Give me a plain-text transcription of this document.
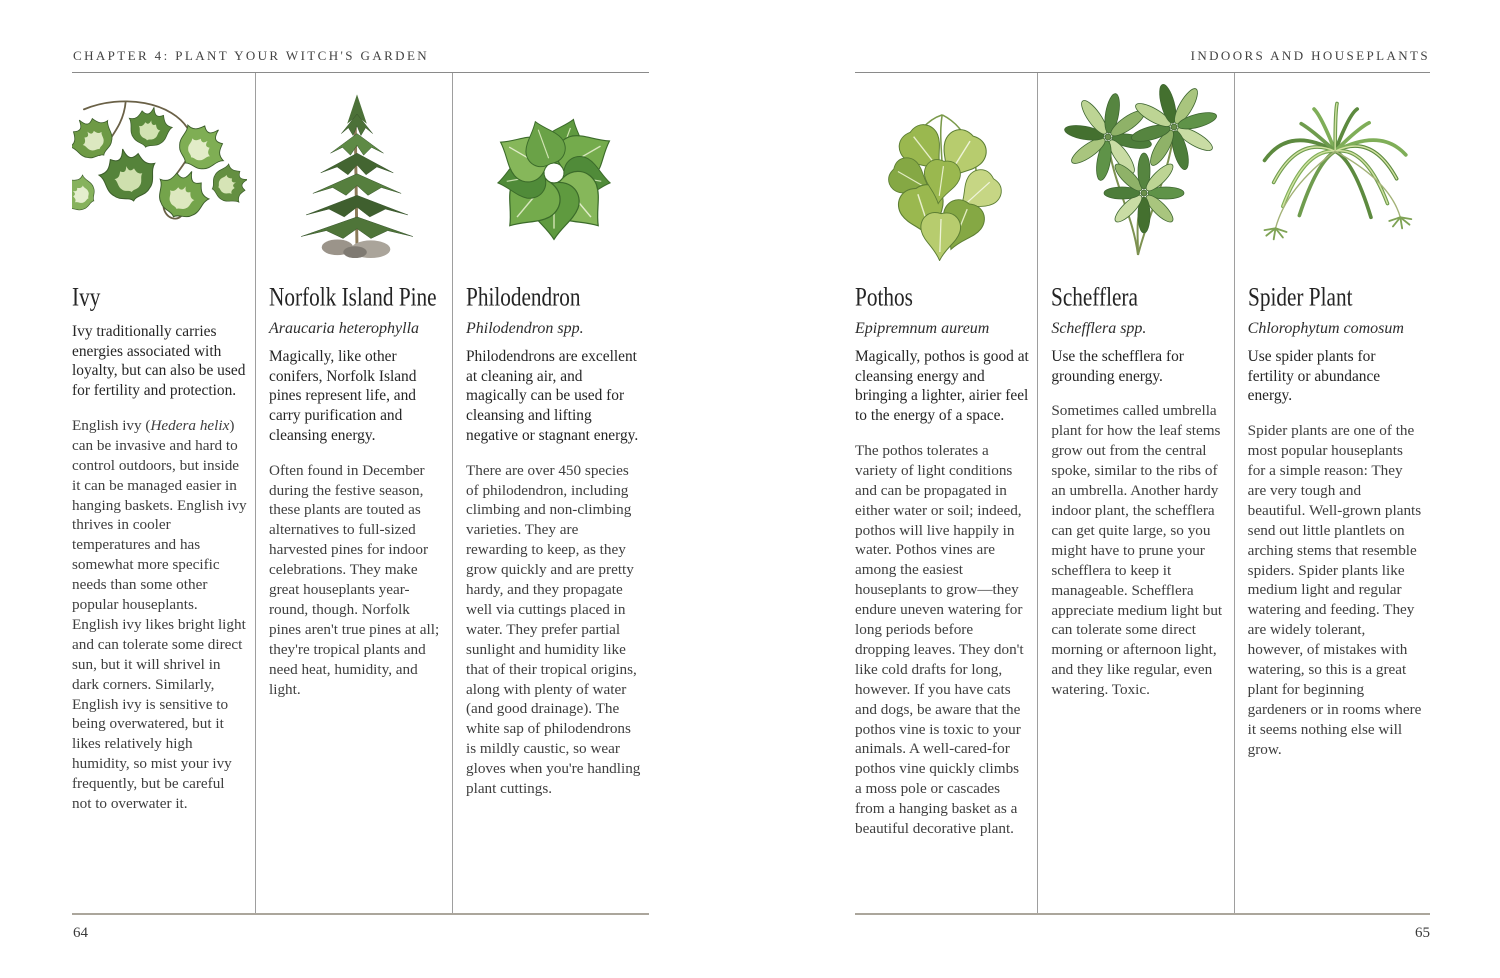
CHAPTER 4: PLANT YOUR WITCH'S GARDEN	INDOORS AND HOUSEPLANTS
Ivy

Ivy traditionally carries energies associated with loyalty, but can also be used for fertility and protection.

English ivy (Hedera helix) can be invasive and hard to control outdoors, but inside it can be managed easier in hanging baskets. English ivy thrives in cooler temperatures and has somewhat more specific needs than some other popular houseplants. English ivy likes bright light and can tolerate some direct sun, but it will shrivel in dark corners. Similarly, English ivy is sensitive to being overwatered, but it likes relatively high humidity, so mist your ivy frequently, but be careful not to overwater it.

Norfolk Island Pine
Araucaria heterophylla

Magically, like other conifers, Norfolk Island pines represent life, and carry purification and cleansing energy.

Often found in December during the festive season, these plants are touted as alternatives to full-sized harvested pines for indoor celebrations. They make great houseplants year-round, though. Norfolk pines aren't true pines at all; they're tropical plants and need heat, humidity, and light.

Philodendron
Philodendron spp.

Philodendrons are excellent at cleaning air, and magically can be used for cleansing and lifting negative or stagnant energy.

There are over 450 species of philodendron, including climbing and non-climbing varieties. They are rewarding to keep, as they grow quickly and are pretty hardy, and they propagate well via cuttings placed in water. They prefer partial sunlight and humidity like that of their tropical origins, along with plenty of water (and good drainage). The white sap of philodendrons is mildly caustic, so wear gloves when you're handling plant cuttings.

Pothos
Epipremnum aureum

Magically, pothos is good at cleansing energy and bringing a lighter, airier feel to the energy of a space.

The pothos tolerates a variety of light conditions and can be propagated in either water or soil; indeed, pothos will live happily in water. Pothos vines are among the easiest houseplants to grow—they endure uneven watering for long periods before dropping leaves. They don't like cold drafts for long, however. If you have cats and dogs, be aware that the pothos vine is toxic to your animals. A well-cared-for pothos vine quickly climbs a moss pole or cascades from a hanging basket as a beautiful decorative plant.

Schefflera
Schefflera spp.

Use the schefflera for grounding energy.

Sometimes called umbrella plant for how the leaf stems grow out from the central spoke, similar to the ribs of an umbrella. Another hardy indoor plant, the schefflera can get quite large, so you might have to prune your schefflera to keep it manageable. Schefflera appreciate medium light but can tolerate some direct morning or afternoon light, and they like regular, even watering. Toxic.

Spider Plant
Chlorophytum comosum

Use spider plants for fertility or abundance energy.

Spider plants are one of the most popular houseplants for a simple reason: They are very tough and beautiful. Well-grown plants send out little plantlets on arching stems that resemble spiders. Spider plants like medium light and regular watering and feeding. They are widely tolerant, however, of mistakes with watering, so this is a great plant for beginning gardeners or in rooms where it seems nothing else will grow.

64	65
